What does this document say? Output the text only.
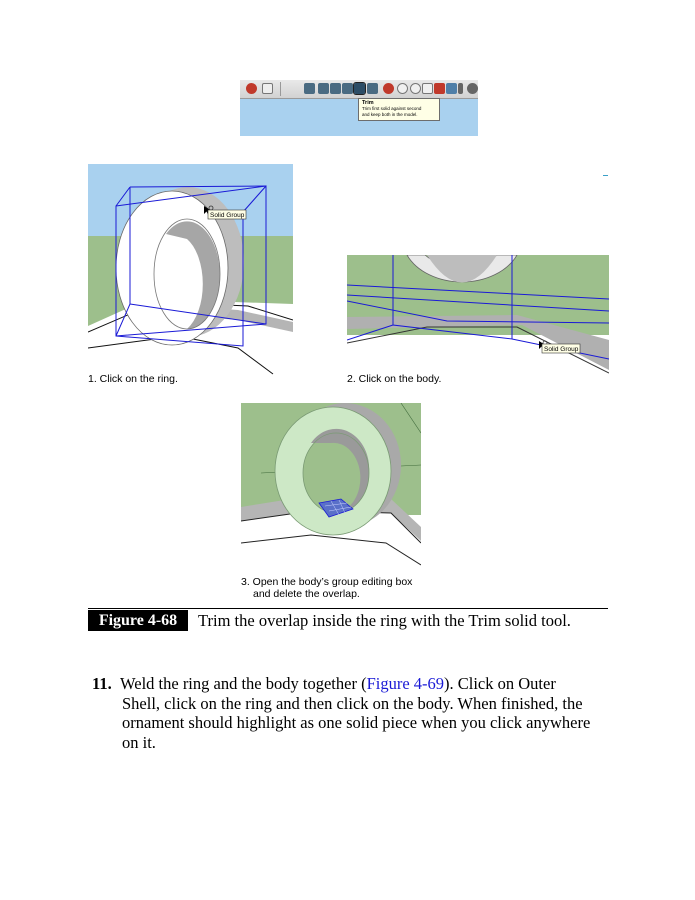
Trim
Trim first solid against second
and keep both in the model.
Solid Group
1. Click on the ring.
Solid Group
2. Click on the body.
3. Open the body’s group editing box
and delete the overlap.
Figure 4-68	Trim the overlap inside the ring with the Trim solid tool.
11. Weld the ring and the body together (Figure 4-69). Click on Outer
Shell, click on the ring and then click on the body. When finished, the
ornament should highlight as one solid piece when you click anywhere
on it.
